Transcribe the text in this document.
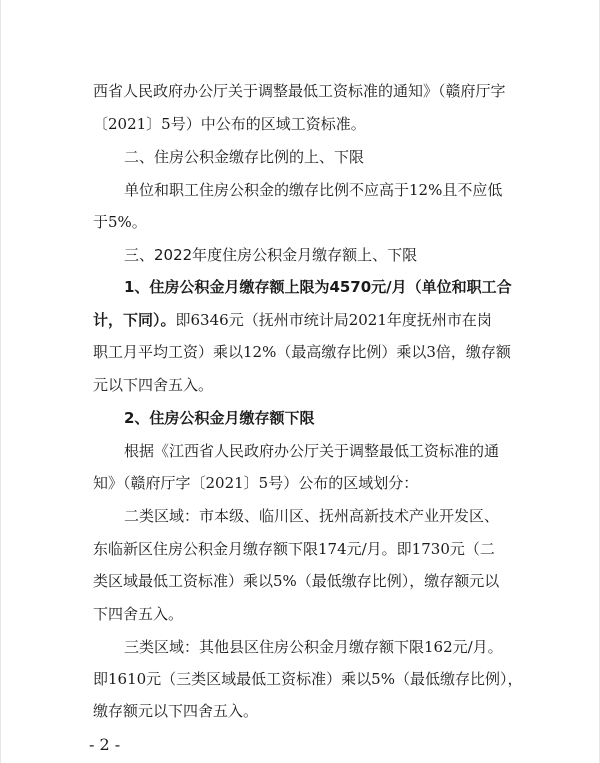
西省人民政府办公厅关于调整最低工资标准的通知》（赣府厅字
〔2021〕5号）中公布的区域工资标准。
二、住房公积金缴存比例的上、下限
单位和职工住房公积金的缴存比例不应高于12%且不应低
于5%。
三、2022年度住房公积金月缴存额上、下限
1、住房公积金月缴存额上限为4570元/月（单位和职工合
计，下同）。即6346元（抚州市统计局2021年度抚州市在岗
职工月平均工资）乘以12%（最高缴存比例）乘以3倍，缴存额
元以下四舍五入。
2、住房公积金月缴存额下限
根据《江西省人民政府办公厅关于调整最低工资标准的通
知》（赣府厅字〔2021〕5号）公布的区域划分：
二类区域：市本级、临川区、抚州高新技术产业开发区、
东临新区住房公积金月缴存额下限174元/月。即1730元（二
类区域最低工资标准）乘以5%（最低缴存比例），缴存额元以
下四舍五入。
三类区域：其他县区住房公积金月缴存额下限162元/月。
即1610元（三类区域最低工资标准）乘以5%（最低缴存比例），
缴存额元以下四舍五入。
- 2 -
